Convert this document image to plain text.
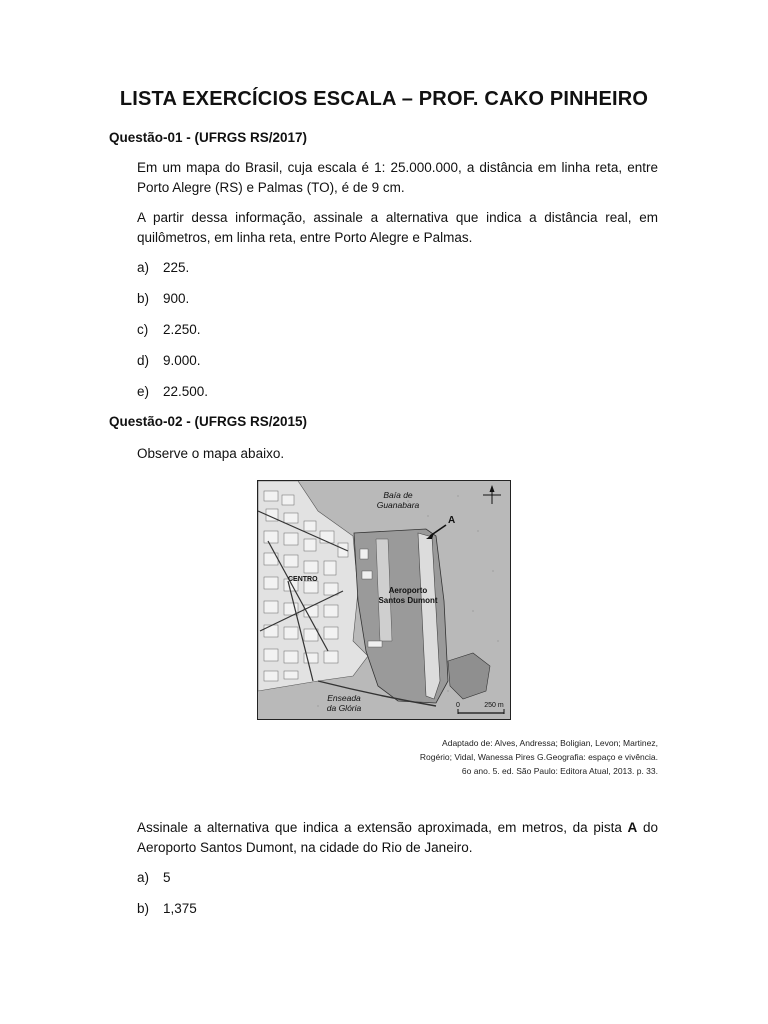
LISTA EXERCÍCIOS ESCALA – PROF. CAKO PINHEIRO
Questão-01 - (UFRGS RS/2017)
Em um mapa do Brasil, cuja escala é 1: 25.000.000, a distância em linha reta, entre Porto Alegre (RS) e Palmas (TO), é de 9 cm.
A partir dessa informação, assinale a alternativa que indica a distância real, em quilômetros, em linha reta, entre Porto Alegre e Palmas.
a) 225.
b) 900.
c) 2.250.
d) 9.000.
e) 22.500.
Questão-02 - (UFRGS RS/2015)
Observe o mapa abaixo.
Baía de
Guanabara
A
CENTRO
Aeroporto
Santos Dumont
Enseada
da Glória	0	250 m
Adaptado de: Alves, Andressa; Boligian, Levon; Martinez,
Rogério; Vidal, Wanessa Pires G.Geografia: espaço e vivência.
6o ano. 5. ed. São Paulo: Editora Atual, 2013. p. 33.
Assinale a alternativa que indica a extensão aproximada, em metros, da pista A do Aeroporto Santos Dumont, na cidade do Rio de Janeiro.
a) 5
b) 1,375
